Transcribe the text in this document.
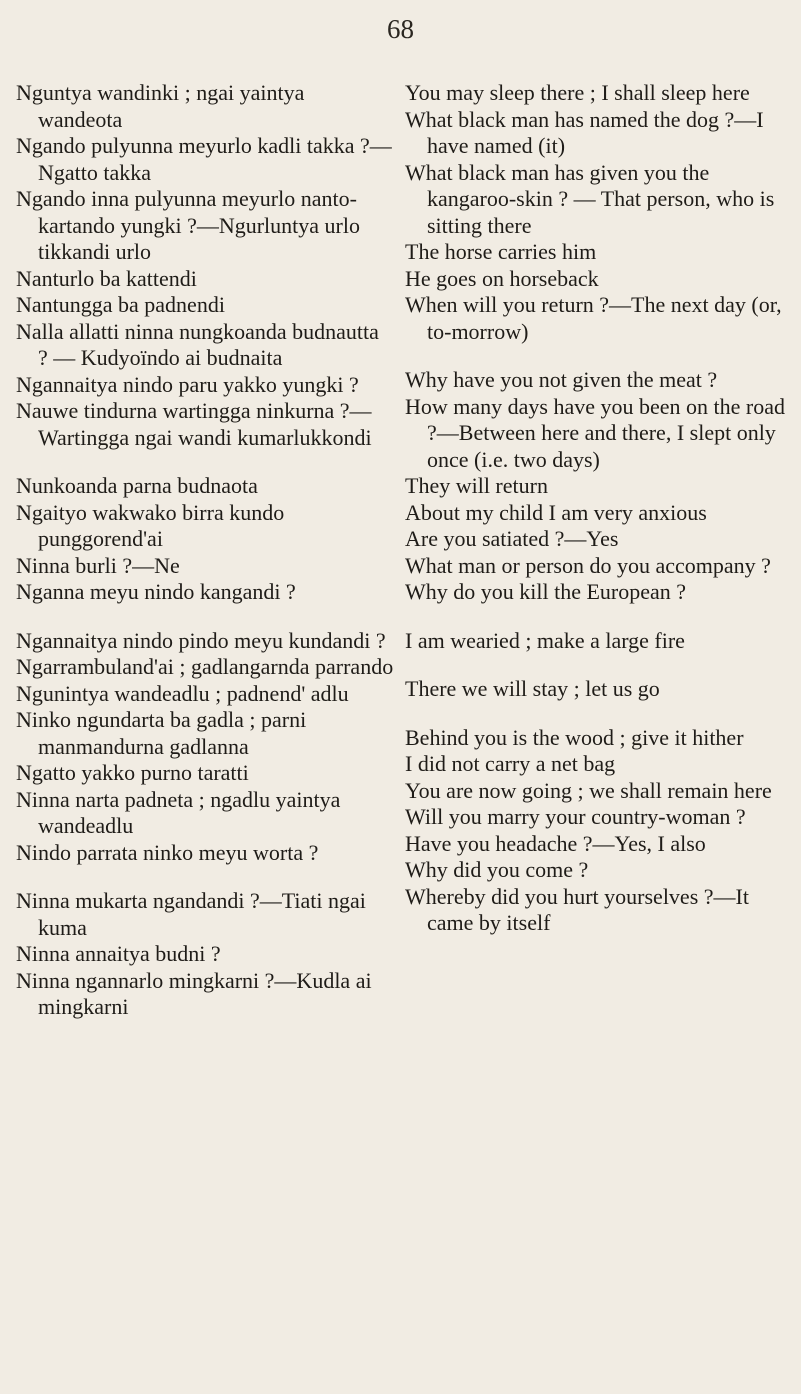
68
Nguntya wandinki ; ngai yaintya wandeota
Ngando pulyunna meyurlo kadli takka ?—Ngatto takka
Ngando inna pulyunna meyurlo nanto-kartando yungki ?—Ngurluntya urlo tikkandi urlo
Nanturlo ba kattendi
Nantungga ba padnendi
Nalla allatti ninna nungkoanda budnautta ? — Kudyoïndo ai budnaita
Ngannaitya nindo paru yakko yungki ?
Nauwe tindurna wartingga ninkurna ?—Wartingga ngai wandi kumarlukkondi
Nunkoanda parna budnaota
Ngaityo wakwako birra kundo punggorend'ai
Ninna burli ?—Ne
Nganna meyu nindo kangandi ?
Ngannaitya nindo pindo meyu kundandi ?
Ngarrambuland'ai ; gadlangarnda parrando
Ngunintya wandeadlu ; padnend' adlu
Ninko ngundarta ba gadla ; parni manmandurna gadlanna
Ngatto yakko purno taratti
Ninna narta padneta ; ngadlu yaintya wandeadlu
Nindo parrata ninko meyu worta ?
Ninna mukarta ngandandi ?—Tiati ngai kuma
Ninna annaitya budni ?
Ninna ngannarlo mingkarni ?—Kudla ai mingkarni
You may sleep there ; I shall sleep here
What black man has named the dog ?—I have named (it)
What black man has given you the kangaroo-skin ? — That person, who is sitting there
The horse carries him
He goes on horseback
When will you return ?—The next day (or, to-morrow)
Why have you not given the meat ?
How many days have you been on the road ?—Between here and there, I slept only once (i.e. two days)
They will return
About my child I am very anxious
Are you satiated ?—Yes
What man or person do you accompany ?
Why do you kill the European ?
I am wearied ; make a large fire
There we will stay ; let us go
Behind you is the wood ; give it hither
I did not carry a net bag
You are now going ; we shall remain here
Will you marry your country-woman ?
Have you headache ?—Yes, I also
Why did you come ?
Whereby did you hurt yourselves ?—It came by itself
